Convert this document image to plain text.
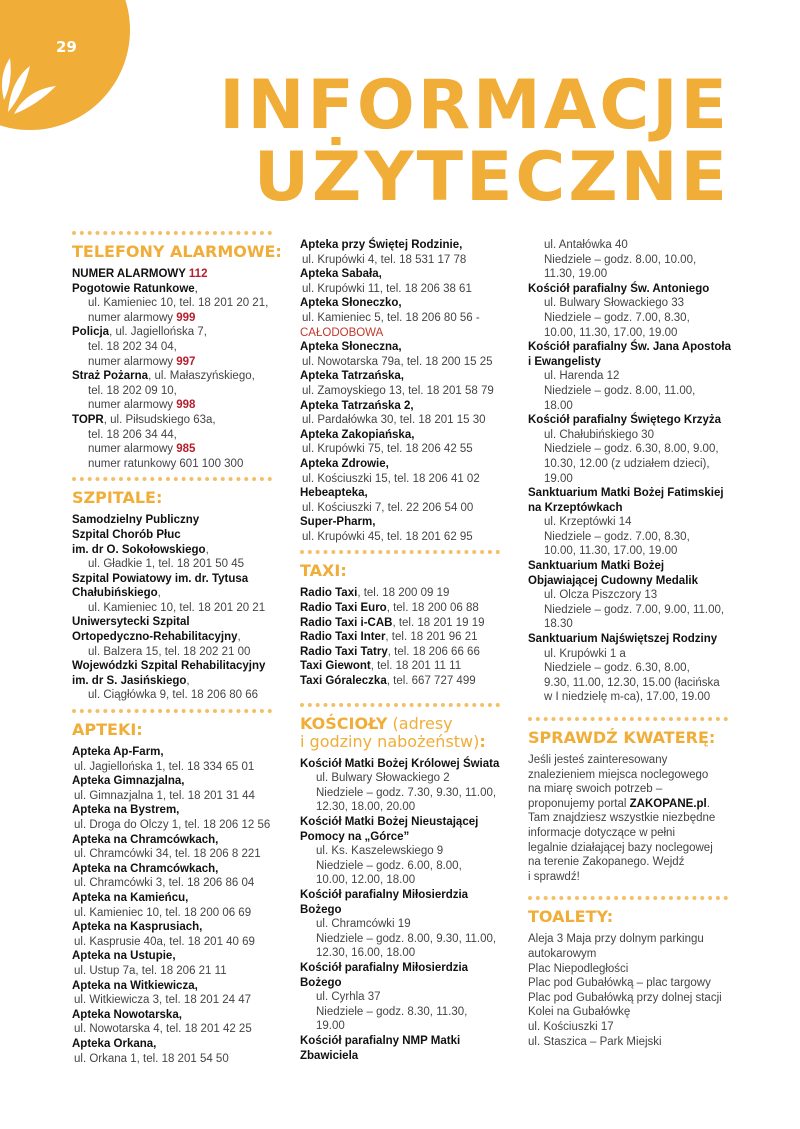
29
INFORMACJE
UŻYTECZNE
TELEFONY ALARMOWE:
NUMER ALARMOWY 112
Pogotowie Ratunkowe,
ul. Kamieniec 10, tel. 18 201 20 21,
numer alarmowy 999
Policja, ul. Jagiellońska 7,
tel. 18 202 34 04,
numer alarmowy 997
Straż Pożarna, ul. Małaszyńskiego,
tel. 18 202 09 10,
numer alarmowy 998
TOPR, ul. Piłsudskiego 63a,
tel. 18 206 34 44,
numer alarmowy 985
numer ratunkowy 601 100 300
SZPITALE:
Samodzielny Publiczny
Szpital Chorób Płuc
im. dr O. Sokołowskiego,
ul. Gładkie 1, tel. 18 201 50 45
Szpital Powiatowy im. dr. Tytusa
Chałubińskiego,
ul. Kamieniec 10, tel. 18 201 20 21
Uniwersytecki Szpital
Ortopedyczno-Rehabilitacyjny,
ul. Balzera 15, tel. 18 202 21 00
Wojewódzki Szpital Rehabilitacyjny
im. dr S. Jasińskiego,
ul. Ciągłówka 9, tel. 18 206 80 66
APTEKI:
Apteka Ap-Farm,
ul. Jagiellońska 1, tel. 18 334 65 01
Apteka Gimnazjalna,
ul. Gimnazjalna 1, tel. 18 201 31 44
Apteka na Bystrem,
ul. Droga do Olczy 1, tel. 18 206 12 56
Apteka na Chramcówkach,
ul. Chramcówki 34, tel. 18 206 8 221
Apteka na Chramcówkach,
ul. Chramcówki 3, tel. 18 206 86 04
Apteka na Kamieńcu,
ul. Kamieniec 10, tel. 18 200 06 69
Apteka na Kasprusiach,
ul. Kasprusie 40a, tel. 18 201 40 69
Apteka na Ustupie,
ul. Ustup 7a, tel. 18 206 21 11
Apteka na Witkiewicza,
ul. Witkiewicza 3, tel. 18 201 24 47
Apteka Nowotarska,
ul. Nowotarska 4, tel. 18 201 42 25
Apteka Orkana,
ul. Orkana 1, tel. 18 201 54 50
Apteka przy Świętej Rodzinie,
ul. Krupówki 4, tel. 18 531 17 78
Apteka Sabała,
ul. Krupówki 11, tel. 18 206 38 61
Apteka Słoneczko,
ul. Kamieniec 5, tel. 18 206 80 56 -
CAŁODOBOWA
Apteka Słoneczna,
ul. Nowotarska 79a, tel. 18 200 15 25
Apteka Tatrzańska,
ul. Zamoyskiego 13, tel. 18 201 58 79
Apteka Tatrzańska 2,
ul. Pardałówka 30, tel. 18 201 15 30
Apteka Zakopiańska,
ul. Krupówki 75, tel. 18 206 42 55
Apteka Zdrowie,
ul. Kościuszki 15, tel. 18 206 41 02
Hebeapteka,
ul. Kościuszki 7, tel. 22 206 54 00
Super-Pharm,
ul. Krupówki 45, tel. 18 201 62 95
TAXI:
Radio Taxi, tel. 18 200 09 19
Radio Taxi Euro, tel. 18 200 06 88
Radio Taxi i-CAB, tel. 18 201 19 19
Radio Taxi Inter, tel. 18 201 96 21
Radio Taxi Tatry, tel. 18 206 66 66
Taxi Giewont, tel. 18 201 11 11
Taxi Góraleczka, tel. 667 727 499
KOŚCIOŁY (adresy
i godziny nabożeństw):
Kościół Matki Bożej Królowej Świata
ul. Bulwary Słowackiego 2
Niedziele – godz. 7.30, 9.30, 11.00,
12.30, 18.00, 20.00
Kościół Matki Bożej Nieustającej
Pomocy na „Górce”
ul. Ks. Kaszelewskiego 9
Niedziele – godz. 6.00, 8.00,
10.00, 12.00, 18.00
Kościół parafialny Miłosierdzia
Bożego
ul. Chramcówki 19
Niedziele – godz. 8.00, 9.30, 11.00,
12.30, 16.00, 18.00
Kościół parafialny Miłosierdzia
Bożego
ul. Cyrhla 37
Niedziele – godz. 8.30, 11.30,
19.00
Kościół parafialny NMP Matki
Zbawiciela
ul. Antałówka 40
Niedziele – godz. 8.00, 10.00,
11.30, 19.00
Kościół parafialny Św. Antoniego
ul. Bulwary Słowackiego 33
Niedziele – godz. 7.00, 8.30,
10.00, 11.30, 17.00, 19.00
Kościół parafialny Św. Jana Apostoła
i Ewangelisty
ul. Harenda 12
Niedziele – godz. 8.00, 11.00,
18.00
Kościół parafialny Świętego Krzyża
ul. Chałubińskiego 30
Niedziele – godz. 6.30, 8.00, 9.00,
10.30, 12.00 (z udziałem dzieci),
19.00
Sanktuarium Matki Bożej Fatimskiej
na Krzeptówkach
ul. Krzeptówki 14
Niedziele – godz. 7.00, 8.30,
10.00, 11.30, 17.00, 19.00
Sanktuarium Matki Bożej
Objawiającej Cudowny Medalik
ul. Olcza Piszczory 13
Niedziele – godz. 7.00, 9.00, 11.00,
18.30
Sanktuarium Najświętszej Rodziny
ul. Krupówki 1 a
Niedziele – godz. 6.30, 8.00,
9.30, 11.00, 12.30, 15.00 (łacińska
w I niedzielę m-ca), 17.00, 19.00
SPRAWDŹ KWATERĘ:
Jeśli jesteś zainteresowany
znalezieniem miejsca noclegowego
na miarę swoich potrzeb –
proponujemy portal ZAKOPANE.pl.
Tam znajdziesz wszystkie niezbędne
informacje dotyczące w pełni
legalnie działającej bazy noclegowej
na terenie Zakopanego. Wejdź
i sprawdź!
TOALETY:
Aleja 3 Maja przy dolnym parkingu
autokarowym
Plac Niepodległości
Plac pod Gubałówką – plac targowy
Plac pod Gubałówką przy dolnej stacji
Kolei na Gubałówkę
ul. Kościuszki 17
ul. Staszica – Park Miejski
